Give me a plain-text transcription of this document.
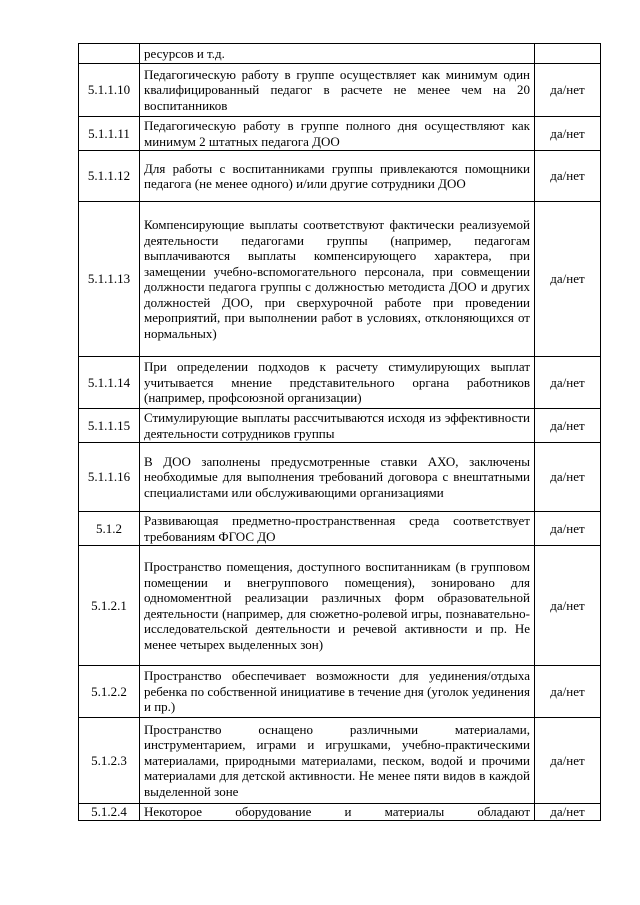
	ресурсов и т.д.	

5.1.1.10	Педагогическую работу в группе осуществляет как минимум один квалифицированный педагог в расчете не менее чем на 20 воспитанников	да/нет
5.1.1.11	Педагогическую работу в группе полного дня осуществляют как минимум 2 штатных педагога ДОО	да/нет
5.1.1.12	Для работы с воспитанниками группы привлекаются помощники педагога (не менее одного) и/или другие сотрудники ДОО	да/нет
5.1.1.13	Компенсирующие выплаты соответствуют фактически реализуемой деятельности педагогами группы (например, педагогам выплачиваются выплаты компенсирующего характера, при замещении учебно-вспомогательного персонала, при совмещении должности педагога группы с должностью методиста ДОО и других должностей ДОО, при сверхурочной работе при проведении мероприятий, при выполнении работ в условиях, отклоняющихся от нормальных)	да/нет
5.1.1.14	При определении подходов к расчету стимулирующих выплат учитывается мнение представительного органа работников (например, профсоюзной организации)	да/нет
5.1.1.15	Стимулирующие выплаты рассчитываются исходя из эффективности деятельности сотрудников группы	да/нет
5.1.1.16	В ДОО заполнены предусмотренные ставки АХО, заключены необходимые для выполнения требований договора с внештатными специалистами или обслуживающими организациями	да/нет
5.1.2	Развивающая предметно-пространственная среда соответствует требованиям ФГОС ДО	да/нет
5.1.2.1	Пространство помещения, доступного воспитанникам (в групповом помещении и внегруппового помещения), зонировано для одномоментной реализации различных форм образовательной деятельности (например, для сюжетно-ролевой игры, познавательно-исследовательской деятельности и речевой активности и пр. Не менее четырех выделенных зон)	да/нет
5.1.2.2	Пространство обеспечивает возможности для уединения/отдыха ребенка по собственной инициативе в течение дня (уголок уединения и пр.)	да/нет
5.1.2.3	Пространство оснащено различными материалами, инструментарием, играми и игрушками, учебно-практическими материалами, природными материалами, песком, водой и прочими материалами для детской активности. Не менее пяти видов в каждой выделенной зоне	да/нет
5.1.2.4	Некоторое оборудование и материалы обладают	да/нет
